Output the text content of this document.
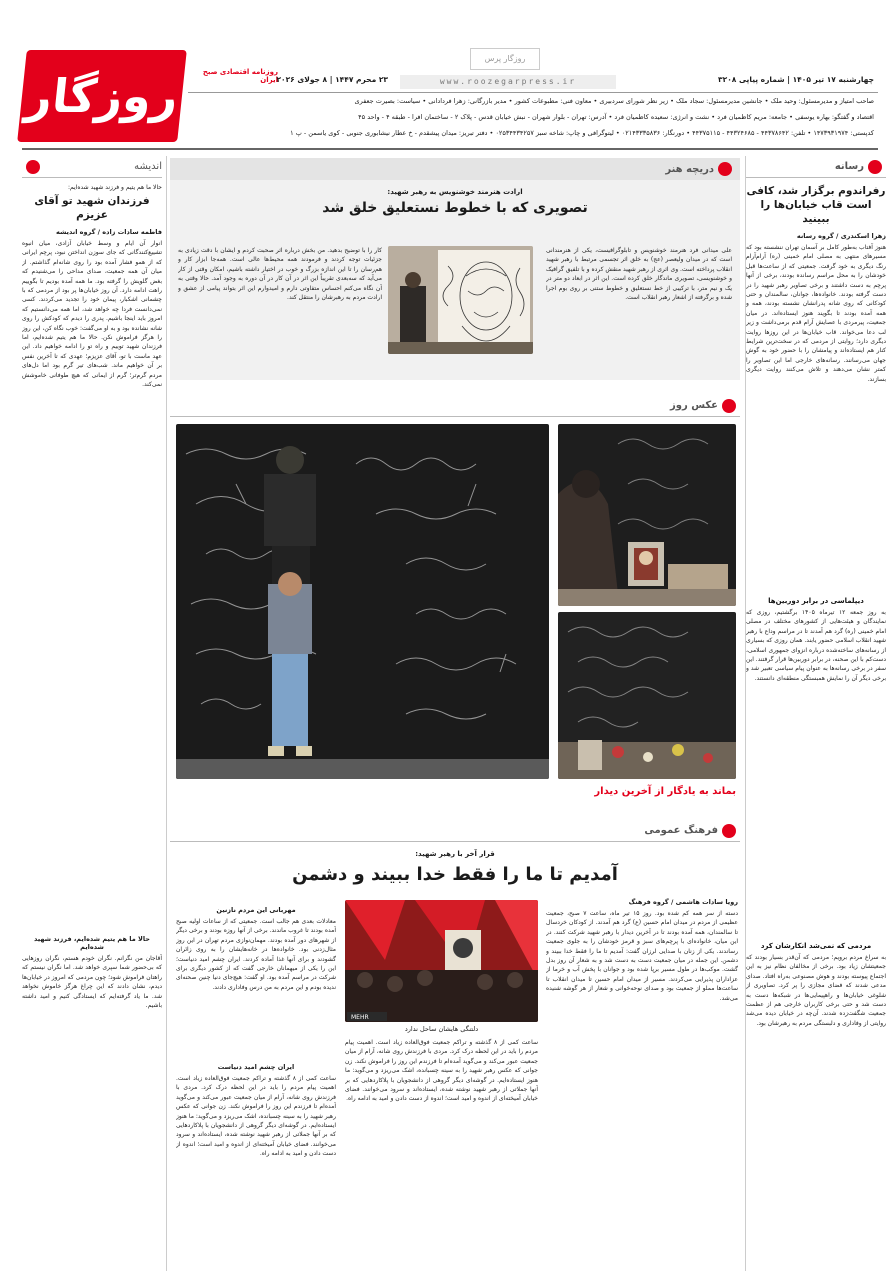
روزگار	روزنامه اقتصادی صبح ایران
روزگار پرس
www.roozegarpress.ir	چهارشنبه ۱۷ تیر ۱۴۰۵ | شماره پیاپی ۳۲۰۸
۲۳ محرم ۱۴۴۷ | ۸ جولای ۲۰۲۶
صاحب امتیاز و مدیرمسئول: وحید ملک • جانشین مدیرمسئول: سجاد ملک • زیر نظر شورای سردبیری • معاون فنی: مطبوعات کشور • مدیر بازرگانی: زهرا فردادانی • سیاست: بصیرت جعفری
اقتصاد و گفتگو: بهاره یوسفی • جامعه: مریم کاظمیان فرد • نشت و انرژی: سعیده کاظمیان فرد • آدرس: تهران - بلوار شهران - نبش خیابان قدس - پلاک ۲ - ساختمان افرا - طبقه ۴ - واحد ۴۵
کدپستی: ۱۴۷۳۹۳۱۹۷۴ • تلفن: ۴۴۳۷۸۶۴۲ - ۴۴۳۲۴۶۸۵ - ۴۴۳۷۵۱۱۵ • دورنگار: ۰۲۱۴۳۳۳۵۸۳۶ • لیتوگرافی و چاپ: شاخه سبز ۰۲۵۳۴۴۳۴۲۵۷ • دفتر تبریز: میدان پیشقدم - خ عطار نیشابوری جنوبی - کوی یاسمن - پ ۱
رسانه
رفراندوم برگزار شد، کافی است قاب خیابان‌ها را ببینید
زهرا اسکندری / گروه رسانه
هنوز آفتاب به‌طور کامل بر آسمان تهران ننشسته بود که مسیرهای منتهی به مصلی امام خمینی (ره) آرام‌آرام رنگ دیگری به خود گرفت. جمعیتی که از ساعت‌ها قبل خودشان را به محل مراسم رسانده بودند، برخی از آنها پرچم به دست داشتند و برخی تصاویر رهبر شهید را در دست گرفته بودند. خانواده‌ها، جوانان، سالمندان و حتی کودکانی که روی شانه پدرانشان نشسته بودند، همه و همه آمده بودند تا بگویند هنوز ایستاده‌اند. در میان جمعیت، پیرمردی با عصایش آرام قدم برمی‌داشت و زیر لب دعا می‌خواند. قاب خیابان‌ها در این روزها روایت دیگری دارد؛ روایتی از مردمی که در سخت‌ترین شرایط کنار هم ایستاده‌اند و پیامشان را با حضور خود به گوش جهان می‌رسانند. رسانه‌های خارجی اما این تصاویر را کمتر نشان می‌دهند و تلاش می‌کنند روایت دیگری بسازند.
دیپلماسی در برابر دوربین‌ها
به روز جمعه ۱۲ تیرماه ۱۴۰۵ برگشتیم، روزی که نمایندگان و هیئت‌هایی از کشورهای مختلف در مصلی امام خمینی (ره) گرد هم آمدند تا در مراسم وداع با رهبر شهید انقلاب اسلامی حضور یابند. همان روزی که بسیاری از رسانه‌های ساخته‌شده درباره انزوای جمهوری اسلامی، دست‌کم با این صحنه، در برابر دوربین‌ها قرار گرفتند. این سفر در برخی رسانه‌ها به عنوان پیام سیاسی تعبیر شد و برخی دیگر آن را نمایش همبستگی منطقه‌ای دانستند.
مردمی که نمی‌شد انکارشان کرد
به سراغ مردم برویم؛ مردمی که آن‌قدر بسیار بودند که جمعیتشان زیاد بود. برخی از مخالفان نظام نیز به این اجتماع پیوسته بودند و هوش مصنوعی به‌راه افتاد. صدای مدعی شدند که فضای مجازی را پر کرد. تصاویری از شلوغی خیابان‌ها و راهپیمایی‌ها در شبکه‌ها دست به دست شد و حتی برخی کاربران خارجی هم از عظمت جمعیت شگفت‌زده شدند. آن‌چه در خیابان دیده می‌شد روایتی از وفاداری و دلبستگی مردم به رهبرشان بود.
اندیشه
حالا ما هم یتیم و فرزند شهید شده‌ایم:
فرزندان شهید تو آقای عزیزم
فاطمه سادات زاده / گروه اندیشه
انوار آن ایام و وسط خیابان آزادی، میان انبوه تشییع‌کنندگانی که جای سوزن انداختن نبود، پرچم ایرانی که از همو فشار آمده بود را روی شانه‌ام گذاشتم. از میان آن همه جمعیت، صدای مداحی را می‌شنیدم که بغض گلویش را گرفته بود. ما همه آمده بودیم تا بگوییم راهت ادامه دارد. آن روز خیابان‌ها پر بود از مردمی که با چشمانی اشکبار، پیمان خود را تجدید می‌کردند. کسی نمی‌دانست فردا چه خواهد شد، اما همه می‌دانستیم که امروز باید اینجا باشیم. پدری را دیدم که کودکش را روی شانه نشانده بود و به او می‌گفت: خوب نگاه کن، این روز را هرگز فراموش نکن. حالا ما هم یتیم شده‌ایم، اما فرزندان شهید توییم و راه تو را ادامه خواهیم داد. این عهد ماست با تو، آقای عزیزم؛ عهدی که تا آخرین نفس بر آن خواهیم ماند. شب‌های تیر گرم بود اما دل‌های مردم گرم‌تر؛ گرم از ایمانی که هیچ طوفانی خاموشش نمی‌کند.
حالا ما هم یتیم شده‌ایم، فرزند شهید شده‌ایم
آقاجان من نگرانم. نگران خودم هستم، نگران روزهایی که بی‌حضور شما سپری خواهد شد. اما نگران نیستم که راهتان فراموش شود؛ چون مردمی که امروز در خیابان‌ها دیدم، نشان دادند که این چراغ هرگز خاموش نخواهد شد. ما یاد گرفته‌ایم که ایستادگی کنیم و امید داشته باشیم.
دریچه هنر
ارادت هنرمند خوشنویس به رهبر شهید:
تصویری که با خطوط نستعلیق خلق شد
علی میدانی فرد هنرمند خوشنویس و تابلوگرافیست، یکی از هنرمندانی است که در میدان ولیعصر (عج) به خلق اثر تجسمی مرتبط با رهبر شهید انقلاب پرداخته است. وی اثری از رهبر شهید منقش کرده و با تلفیق گرافیک و خوشنویسی، تصویری ماندگار خلق کرده است. این اثر در ابعاد دو متر در یک و نیم متر، با ترکیبی از خط نستعلیق و خطوط ستنی بر روی بوم اجرا شده و برگرفته از اشعار رهبر انقلاب است.
کار را با توضیح بدهید. من بخش درباره اثر صحبت کردم و ایشان با دقت زیادی به جزئیات توجه کردند و فرمودند همه محیط‌ها عالی است. همه‌جا ابزار کار و هم‌رسان را تا این اندازه بزرگ و خوب در اختیار داشته باشیم، امکان وقتی از کار می‌آید که سه‌بعدی تقریباً این اثر در آن کار در آن دوره به وجود آمد. حالا وقتی به آن نگاه می‌کنم احساس متفاوتی دارم و امیدوارم این اثر بتواند پیامی از عشق و ارادت مردم به رهبرشان را منتقل کند.
عکس روز
بماند به یادگار از آخرین دیدار
فرهنگ عمومی
قرار آخر با رهبر شهید:
آمدیم تا ما را فقط خدا ببیند و دشمن
رویا سادات هاشمی / گروه فرهنگ
دسته از سر همه کم شده بود. روز ۱۵ تیر ماه، ساعت ۷ صبح، جمعیت عظیمی از مردم در میدان امام حسین (ع) گرد هم آمدند. از کودکان خردسال تا سالمندان، همه آمده بودند تا در آخرین دیدار با رهبر شهید شرکت کنند. در این میان، خانواده‌ای با پرچم‌های سبز و قرمز خودشان را به جلوی جمعیت رساندند. یکی از زنان با صدایی لرزان گفت: آمدیم تا ما را فقط خدا ببیند و دشمن. این جمله در میان جمعیت دست به دست شد و به شعار آن روز بدل گشت. موکب‌ها در طول مسیر برپا شده بود و جوانان با پخش آب و خرما از عزاداران پذیرایی می‌کردند. مسیر از میدان امام حسین تا میدان انقلاب تا ساعت‌ها مملو از جمعیت بود و صدای نوحه‌خوانی و شعار از هر گوشه شنیده می‌شد.
MEHR
دلتنگی هایشان ساحل ندارد
ساعت کمی از ۸ گذشته و تراکم جمعیت فوق‌العاده زیاد است. اهمیت پیام مردم را باید در این لحظه درک کرد. مردی با فرزندش روی شانه، آرام از میان جمعیت عبور می‌کند و می‌گوید آمده‌ام تا فرزندم این روز را فراموش نکند. زن جوانی که عکس رهبر شهید را به سینه چسبانده، اشک می‌ریزد و می‌گوید: ما هنوز ایستاده‌ایم. در گوشه‌ای دیگر گروهی از دانشجویان با پلاکاردهایی که بر آنها جملاتی از رهبر شهید نوشته شده، ایستاده‌اند و سرود می‌خوانند. فضای خیابان آمیخته‌ای از اندوه و امید است؛ اندوه از دست دادن و امید به ادامه راه.
مهربانی این مردم نازنین
معادلات بعدی هم جالب است. جمعیتی که از ساعات اولیه صبح آمده بودند تا غروب ماندند. برخی از آنها روزه بودند و برخی دیگر از شهرهای دور آمده بودند. مهمان‌نوازی مردم تهران در این روز مثال‌زدنی بود. خانواده‌ها در خانه‌هایشان را به روی زائران گشودند و برای آنها غذا آماده کردند. ایران چشم امید دنیاست؛ این را یکی از میهمانان خارجی گفت که از کشور دیگری برای شرکت در مراسم آمده بود. او گفت: هیچ‌جای دنیا چنین صحنه‌ای ندیده بودم و این مردم به من درس وفاداری دادند.
ایران چشم امید دنیاست
ساعت کمی از ۸ گذشته و تراکم جمعیت فوق‌العاده زیاد است. اهمیت پیام مردم را باید در این لحظه درک کرد. مردی با فرزندش روی شانه، آرام از میان جمعیت عبور می‌کند و می‌گوید آمده‌ام تا فرزندم این روز را فراموش نکند. زن جوانی که عکس رهبر شهید را به سینه چسبانده، اشک می‌ریزد و می‌گوید: ما هنوز ایستاده‌ایم. در گوشه‌ای دیگر گروهی از دانشجویان با پلاکاردهایی که بر آنها جملاتی از رهبر شهید نوشته شده، ایستاده‌اند و سرود می‌خوانند. فضای خیابان آمیخته‌ای از اندوه و امید است؛ اندوه از دست دادن و امید به ادامه راه.
